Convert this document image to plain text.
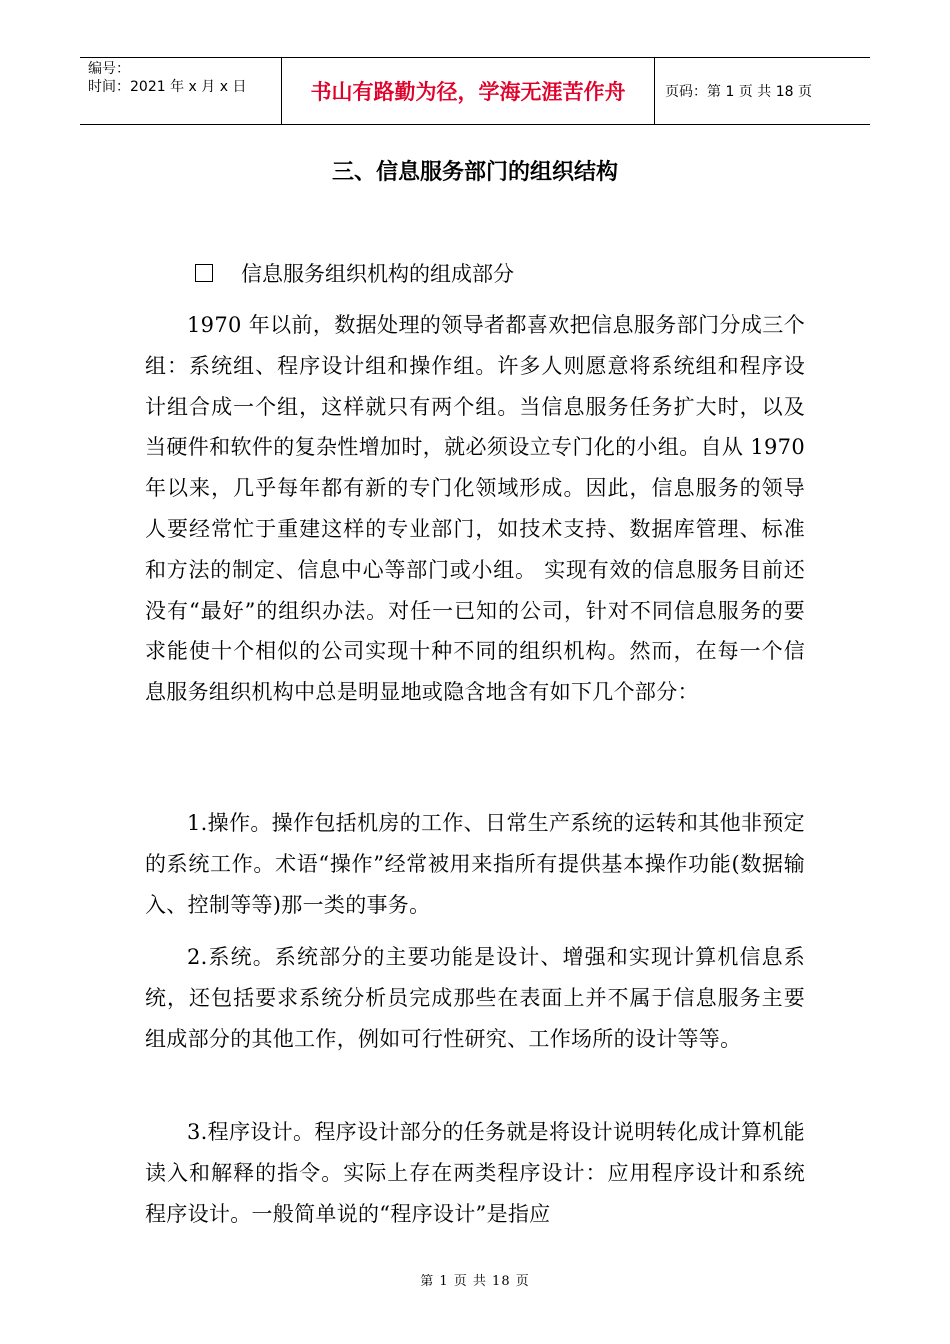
编号：
时间：2021 年 x 月 x 日	书山有路勤为径，学海无涯苦作舟	页码：第 1 页 共 18 页
三、信息服务部门的组织结构
信息服务组织机构的组成部分

1970 年以前，数据处理的领导者都喜欢把信息服务部门分成三个组：系统组、程序设计组和操作组。许多人则愿意将系统组和程序设计组合成一个组，这样就只有两个组。当信息服务任务扩大时，以及当硬件和软件的复杂性增加时，就必须设立专门化的小组。自从 1970 年以来，几乎每年都有新的专门化领域形成。因此，信息服务的领导人要经常忙于重建这样的专业部门，如技术支持、数据库管理、标准和方法的制定、信息中心等部门或小组。 实现有效的信息服务目前还没有“最好”的组织办法。对任一已知的公司，针对不同信息服务的要求能使十个相似的公司实现十种不同的组织机构。然而，在每一个信息服务组织机构中总是明显地或隐含地含有如下几个部分：

1.操作。操作包括机房的工作、日常生产系统的运转和其他非预定的系统工作。术语“操作”经常被用来指所有提供基本操作功能(数据输入、控制等等)那一类的事务。

2.系统。系统部分的主要功能是设计、增强和实现计算机信息系统，还包括要求系统分析员完成那些在表面上并不属于信息服务主要组成部分的其他工作，例如可行性研究、工作场所的设计等等。

3.程序设计。程序设计部分的任务就是将设计说明转化成计算机能读入和解释的指令。实际上存在两类程序设计：应用程序设计和系统程序设计。一般简单说的“程序设计”是指应

第 1 页 共 18 页
